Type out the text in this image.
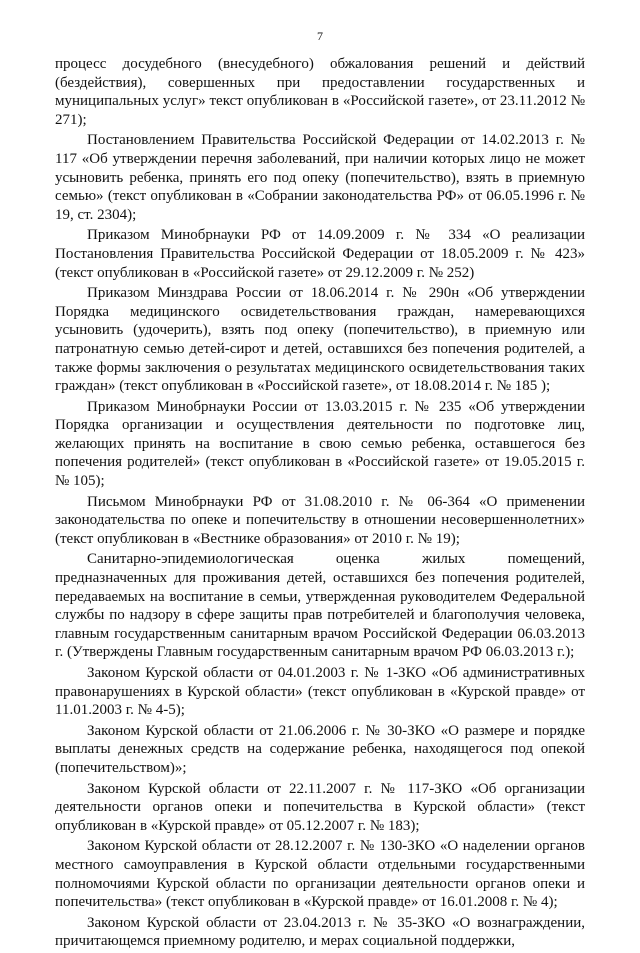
7

процесс досудебного (внесудебного) обжалования решений и действий (бездействия), совершенных при предоставлении государственных и муниципальных услуг» текст опубликован в «Российской газете», от 23.11.2012 № 271);

Постановлением Правительства Российской Федерации от 14.02.2013 г. № 117 «Об утверждении перечня заболеваний, при наличии которых лицо не может усыновить ребенка, принять его под опеку (попечительство), взять в приемную семью» (текст опубликован в «Собрании законодательства РФ» от 06.05.1996 г. № 19, ст. 2304);

Приказом Минобрнауки РФ от 14.09.2009 г. № 334 «О реализации Постановления Правительства Российской Федерации от 18.05.2009 г. № 423» (текст опубликован в «Российской газете» от 29.12.2009 г. № 252)

Приказом Минздрава России от 18.06.2014 г. № 290н «Об утверждении Порядка медицинского освидетельствования граждан, намеревающихся усыновить (удочерить), взять под опеку (попечительство), в приемную или патронатную семью детей-сирот и детей, оставшихся без попечения родителей, а также формы заключения о результатах медицинского освидетельствования таких граждан» (текст опубликован в «Российской газете», от 18.08.2014 г. № 185 );

Приказом Минобрнауки России от 13.03.2015 г. № 235 «Об утверждении Порядка организации и осуществления деятельности по подготовке лиц, желающих принять на воспитание в свою семью ребенка, оставшегося без попечения родителей» (текст опубликован в «Российской газете» от 19.05.2015 г. № 105);

Письмом Минобрнауки РФ от 31.08.2010 г. № 06-364 «О применении законодательства по опеке и попечительству в отношении несовершеннолетних» (текст опубликован в «Вестнике образования» от 2010 г. № 19);

Санитарно-эпидемиологическая оценка жилых помещений, предназначенных для проживания детей, оставшихся без попечения родителей, передаваемых на воспитание в семьи, утвержденная руководителем Федеральной службы по надзору в сфере защиты прав потребителей и благополучия человека, главным государственным санитарным врачом Российской Федерации 06.03.2013 г. (Утверждены Главным государственным санитарным врачом РФ 06.03.2013 г.);

Законом Курской области от 04.01.2003 г. № 1-ЗКО «Об административных правонарушениях в Курской области» (текст опубликован в «Курской правде» от 11.01.2003 г. № 4-5);

Законом Курской области от 21.06.2006 г. № 30-ЗКО «О размере и порядке выплаты денежных средств на содержание ребенка, находящегося под опекой (попечительством)»;

Законом Курской области от 22.11.2007 г. № 117-ЗКО «Об организации деятельности органов опеки и попечительства в Курской области» (текст опубликован в «Курской правде» от 05.12.2007 г. № 183);

Законом Курской области от 28.12.2007 г. № 130-ЗКО «О наделении органов местного самоуправления в Курской области отдельными государственными полномочиями Курской области по организации деятельности органов опеки и попечительства» (текст опубликован в «Курской правде» от 16.01.2008 г. № 4);

Законом Курской области от 23.04.2013 г. № 35-ЗКО «О вознаграждении, причитающемся приемному родителю, и мерах социальной поддержки,
